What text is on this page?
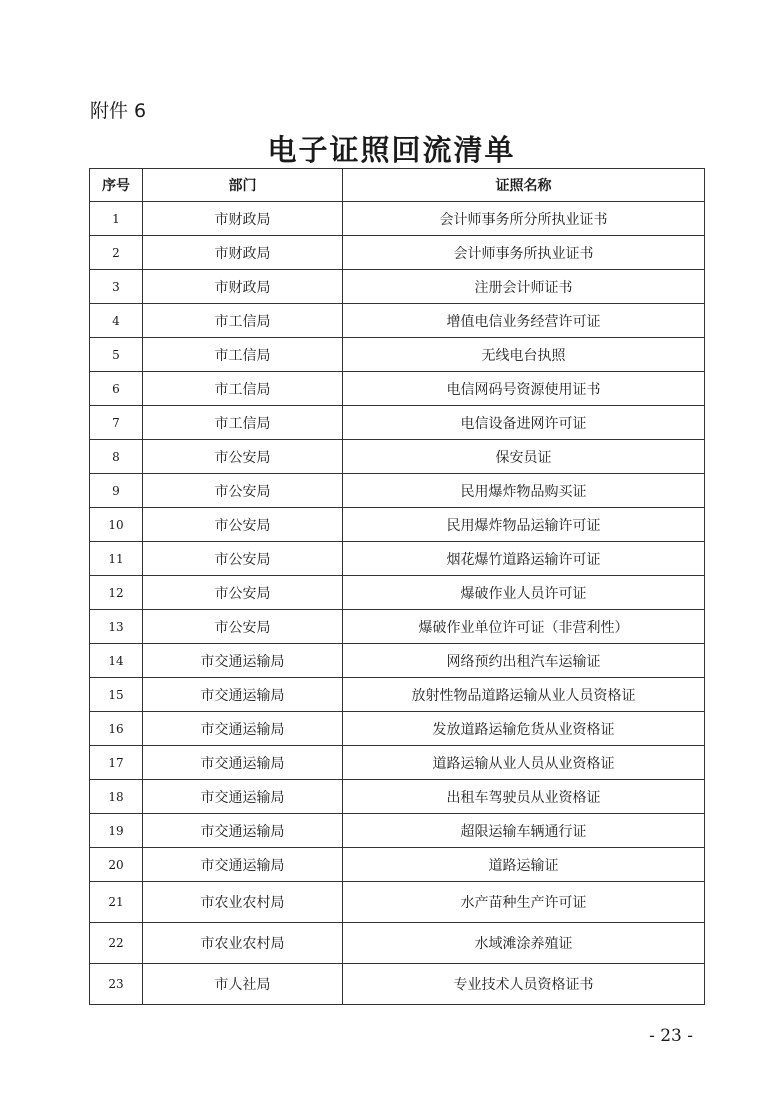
附件 6
电子证照回流清单
序号	部门	证照名称
1	市财政局	会计师事务所分所执业证书
2	市财政局	会计师事务所执业证书
3	市财政局	注册会计师证书
4	市工信局	增值电信业务经营许可证
5	市工信局	无线电台执照
6	市工信局	电信网码号资源使用证书
7	市工信局	电信设备进网许可证
8	市公安局	保安员证
9	市公安局	民用爆炸物品购买证
10	市公安局	民用爆炸物品运输许可证
11	市公安局	烟花爆竹道路运输许可证
12	市公安局	爆破作业人员许可证
13	市公安局	爆破作业单位许可证（非营利性）
14	市交通运输局	网络预约出租汽车运输证
15	市交通运输局	放射性物品道路运输从业人员资格证
16	市交通运输局	发放道路运输危货从业资格证
17	市交通运输局	道路运输从业人员从业资格证
18	市交通运输局	出租车驾驶员从业资格证
19	市交通运输局	超限运输车辆通行证
20	市交通运输局	道路运输证
21	市农业农村局	水产苗种生产许可证
22	市农业农村局	水域滩涂养殖证
23	市人社局	专业技术人员资格证书
- 23 -
